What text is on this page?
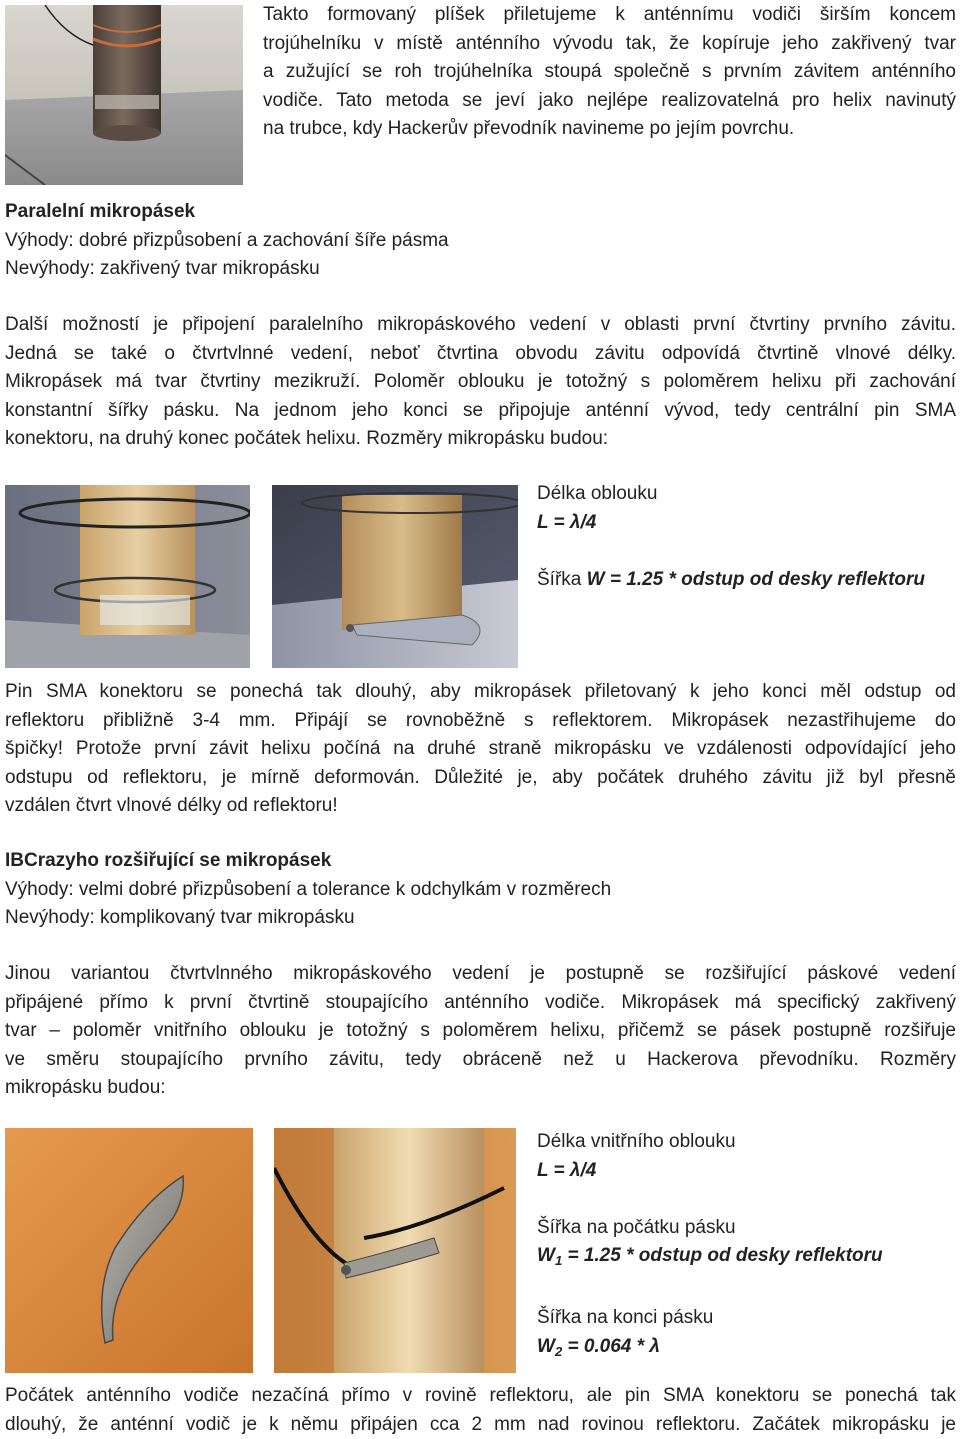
Takto formovaný plíšek přiletujeme k anténnímu vodiči širším koncem
trojúhelníku v místě anténního vývodu tak, že kopíruje jeho zakřivený tvar
a zužující se roh trojúhelníka stoupá společně s prvním závitem anténního
vodiče. Tato metoda se jeví jako nejlépe realizovatelná pro helix navinutý
na trubce, kdy Hackerův převodník navineme po jejím povrchu.
Paralelní mikropásek
Výhody: dobré přizpůsobení a zachování šíře pásma
Nevýhody: zakřivený tvar mikropásku
Další možností je připojení paralelního mikropáskového vedení v oblasti první čtvrtiny prvního závitu.
Jedná se také o čtvrtvlnné vedení, neboť čtvrtina obvodu závitu odpovídá čtvrtině vlnové délky.
Mikropásek má tvar čtvrtiny mezikruží. Poloměr oblouku je totožný s poloměrem helixu při zachování
konstantní šířky pásku. Na jednom jeho konci se připojuje anténní vývod, tedy centrální pin SMA
konektoru, na druhý konec počátek helixu. Rozměry mikropásku budou:
Délka oblouku
L = λ/4

Šířka W = 1.25 * odstup od desky reflektoru
Pin SMA konektoru se ponechá tak dlouhý, aby mikropásek přiletovaný k jeho konci měl odstup od
reflektoru přibližně 3-4 mm. Připájí se rovnoběžně s reflektorem. Mikropásek nezastřihujeme do
špičky! Protože první závit helixu počíná na druhé straně mikropásku ve vzdálenosti odpovídající jeho
odstupu od reflektoru, je mírně deformován. Důležité je, aby počátek druhého závitu již byl přesně
vzdálen čtvrt vlnové délky od reflektoru!
IBCrazyho rozšiřující se mikropásek
Výhody: velmi dobré přizpůsobení a tolerance k odchylkám v rozměrech
Nevýhody: komplikovaný tvar mikropásku
Jinou variantou čtvrtvlnného mikropáskového vedení je postupně se rozšiřující páskové vedení
připájené přímo k první čtvrtině stoupajícího anténního vodiče. Mikropásek má specifický zakřivený
tvar – poloměr vnitřního oblouku je totožný s poloměrem helixu, přičemž se pásek postupně rozšiřuje
ve směru stoupajícího prvního závitu, tedy obráceně než u Hackerova převodníku. Rozměry
mikropásku budou:
Délka vnitřního oblouku
L = λ/4

Šířka na počátku pásku
$W_1 = 1.25$ * odstup od desky reflektoru

Šířka na konci pásku
$W_2 = 0.064 * \lambda$
Počátek anténního vodiče nezačíná přímo v rovině reflektoru, ale pin SMA konektoru se ponechá tak
dlouhý, že anténní vodič je k němu připájen cca 2 mm nad rovinou reflektoru. Začátek mikropásku je
